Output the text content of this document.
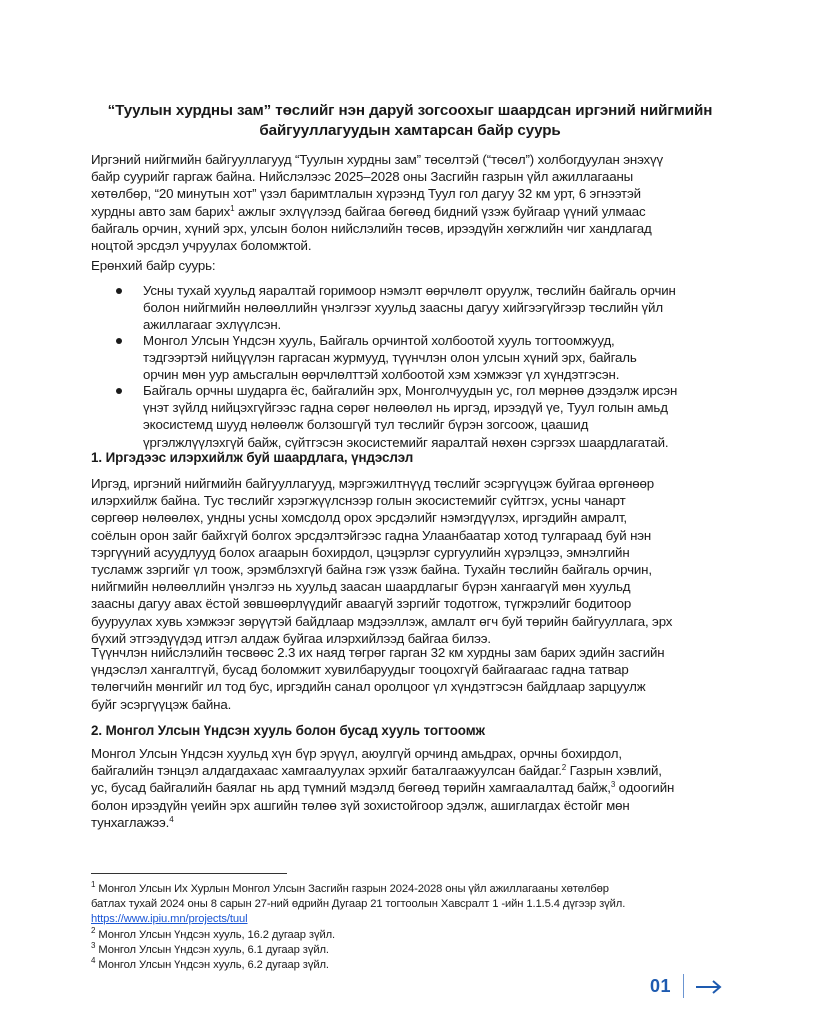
“Туулын хурдны зам” төслийг нэн даруй зогсоохыг шаардсан иргэний нийгмийн
байгууллагуудын хамтарсан байр суурь
Иргэний нийгмийн байгууллагууд “Туулын хурдны зам” төсөлтэй (“төсөл”) холбогдуулан энэхүү
байр суурийг гаргаж байна. Нийслэлээс 2025–2028 оны Засгийн газрын үйл ажиллагааны
хөтөлбөр, “20 минутын хот” үзэл баримтлалын хүрээнд Туул гол дагуу 32 км урт, 6 эгнээтэй
хурдны авто зам барих$^1$ ажлыг эхлүүлээд байгаа бөгөөд бидний үзэж буйгаар үүний улмаас
байгаль орчин, хүний эрх, улсын болон нийслэлийн төсөв, ирээдүйн хөгжлийн чиг хандлагад
ноцтой эрсдэл учруулах боломжтой.
Ерөнхий байр суурь:
Усны тухай хуульд яаралтай горимоор нэмэлт өөрчлөлт оруулж, төслийн байгаль орчин
болон нийгмийн нөлөөллийн үнэлгээг хуульд заасны дагуу хийгээгүйгээр төслийн үйл
ажиллагааг эхлүүлсэн.
Монгол Улсын Үндсэн хууль, Байгаль орчинтой холбоотой хууль тогтоомжууд,
тэдгээртэй нийцүүлэн гаргасан журмууд, түүнчлэн олон улсын хүний эрх, байгаль
орчин мөн уур амьсгалын өөрчлөлттэй холбоотой хэм хэмжээг үл хүндэтгэсэн.
Байгаль орчны шударга ёс, байгалийн эрх, Монголчуудын ус, гол мөрнөө дээдэлж ирсэн
үнэт зүйлд нийцэхгүйгээс гадна сөрөг нөлөөлөл нь иргэд, ирээдүй үе, Туул голын амьд
экосистемд шууд нөлөөлж болзошгүй тул төслийг бүрэн зогсоож, цаашид
үргэлжлүүлэхгүй байж, сүйтгэсэн экосистемийг яаралтай нөхөн сэргээх шаардлагатай.
1. Иргэдээс илэрхийлж буй шаардлага, үндэслэл
Иргэд, иргэний нийгмийн байгууллагууд, мэргэжилтнүүд төслийг эсэргүүцэж буйгаа өргөнөөр
илэрхийлж байна. Тус төслийг хэрэгжүүлснээр голын экосистемийг сүйтгэх, усны чанарт
сөргөөр нөлөөлөх, ундны усны хомсдолд орох эрсдэлийг нэмэгдүүлэх, иргэдийн амралт,
соёлын орон зайг байхгүй болгох эрсдэлтэйгээс гадна Улаанбаатар хотод тулгараад буй нэн
тэргүүний асуудлууд болох агаарын бохирдол, цэцэрлэг сургуулийн хүрэлцээ, эмнэлгийн
тусламж зэргийг үл тоож, эрэмблэхгүй байна гэж үзэж байна. Тухайн төслийн байгаль орчин,
нийгмийн нөлөөллийн үнэлгээ нь хуульд заасан шаардлагыг бүрэн хангаагүй мөн хуульд
заасны дагуу авах ёстой зөвшөөрлүүдийг аваагүй зэргийг тодотгож, түгжрэлийг бодитоор
бууруулах хувь хэмжээг зөрүүтэй байдлаар мэдээллэж, амлалт өгч буй төрийн байгууллага, эрх
бүхий этгээдүүдэд итгэл алдаж буйгаа илэрхийлээд байгаа билээ.
Түүнчлэн нийслэлийн төсвөөс 2.3 их наяд төгрөг гарган 32 км хурдны зам барих эдийн засгийн
үндэслэл хангалтгүй, бусад боломжит хувилбаруудыг тооцохгүй байгаагаас гадна татвар
төлөгчийн мөнгийг ил тод бус, иргэдийн санал оролцоог үл хүндэтгэсэн байдлаар зарцуулж
буйг эсэргүүцэж байна.
2. Монгол Улсын Үндсэн хууль болон бусад хууль тогтоомж
Монгол Улсын Үндсэн хуульд хүн бүр эрүүл, аюулгүй орчинд амьдрах, орчны бохирдол,
байгалийн тэнцэл алдагдахаас хамгаалуулах эрхийг баталгаажуулсан байдаг.$^2$ Газрын хэвлий,
ус, бусад байгалийн баялаг нь ард түмний мэдэлд бөгөөд төрийн хамгаалалтад байж,$^3$ одоогийн
болон ирээдүйн үеийн эрх ашгийн төлөө зүй зохистойгоор эдэлж, ашиглагдах ёстойг мөн
тунхаглажээ.$^4$
$^1$ Монгол Улсын Их Хурлын Монгол Улсын Засгийн газрын 2024-2028 оны үйл ажиллагааны хөтөлбөр
батлах тухай 2024 оны 8 сарын 27-ний өдрийн Дугаар 21 тогтоолын Хавсралт 1 -ийн 1.1.5.4 дүгээр зүйл.
https://www.ipiu.mn/projects/tuul
$^2$ Монгол Улсын Үндсэн хууль, 16.2 дугаар зүйл.
$^3$ Монгол Улсын Үндсэн хууль, 6.1 дугаар зүйл.
$^4$ Монгол Улсын Үндсэн хууль, 6.2 дугаар зүйл.
01
